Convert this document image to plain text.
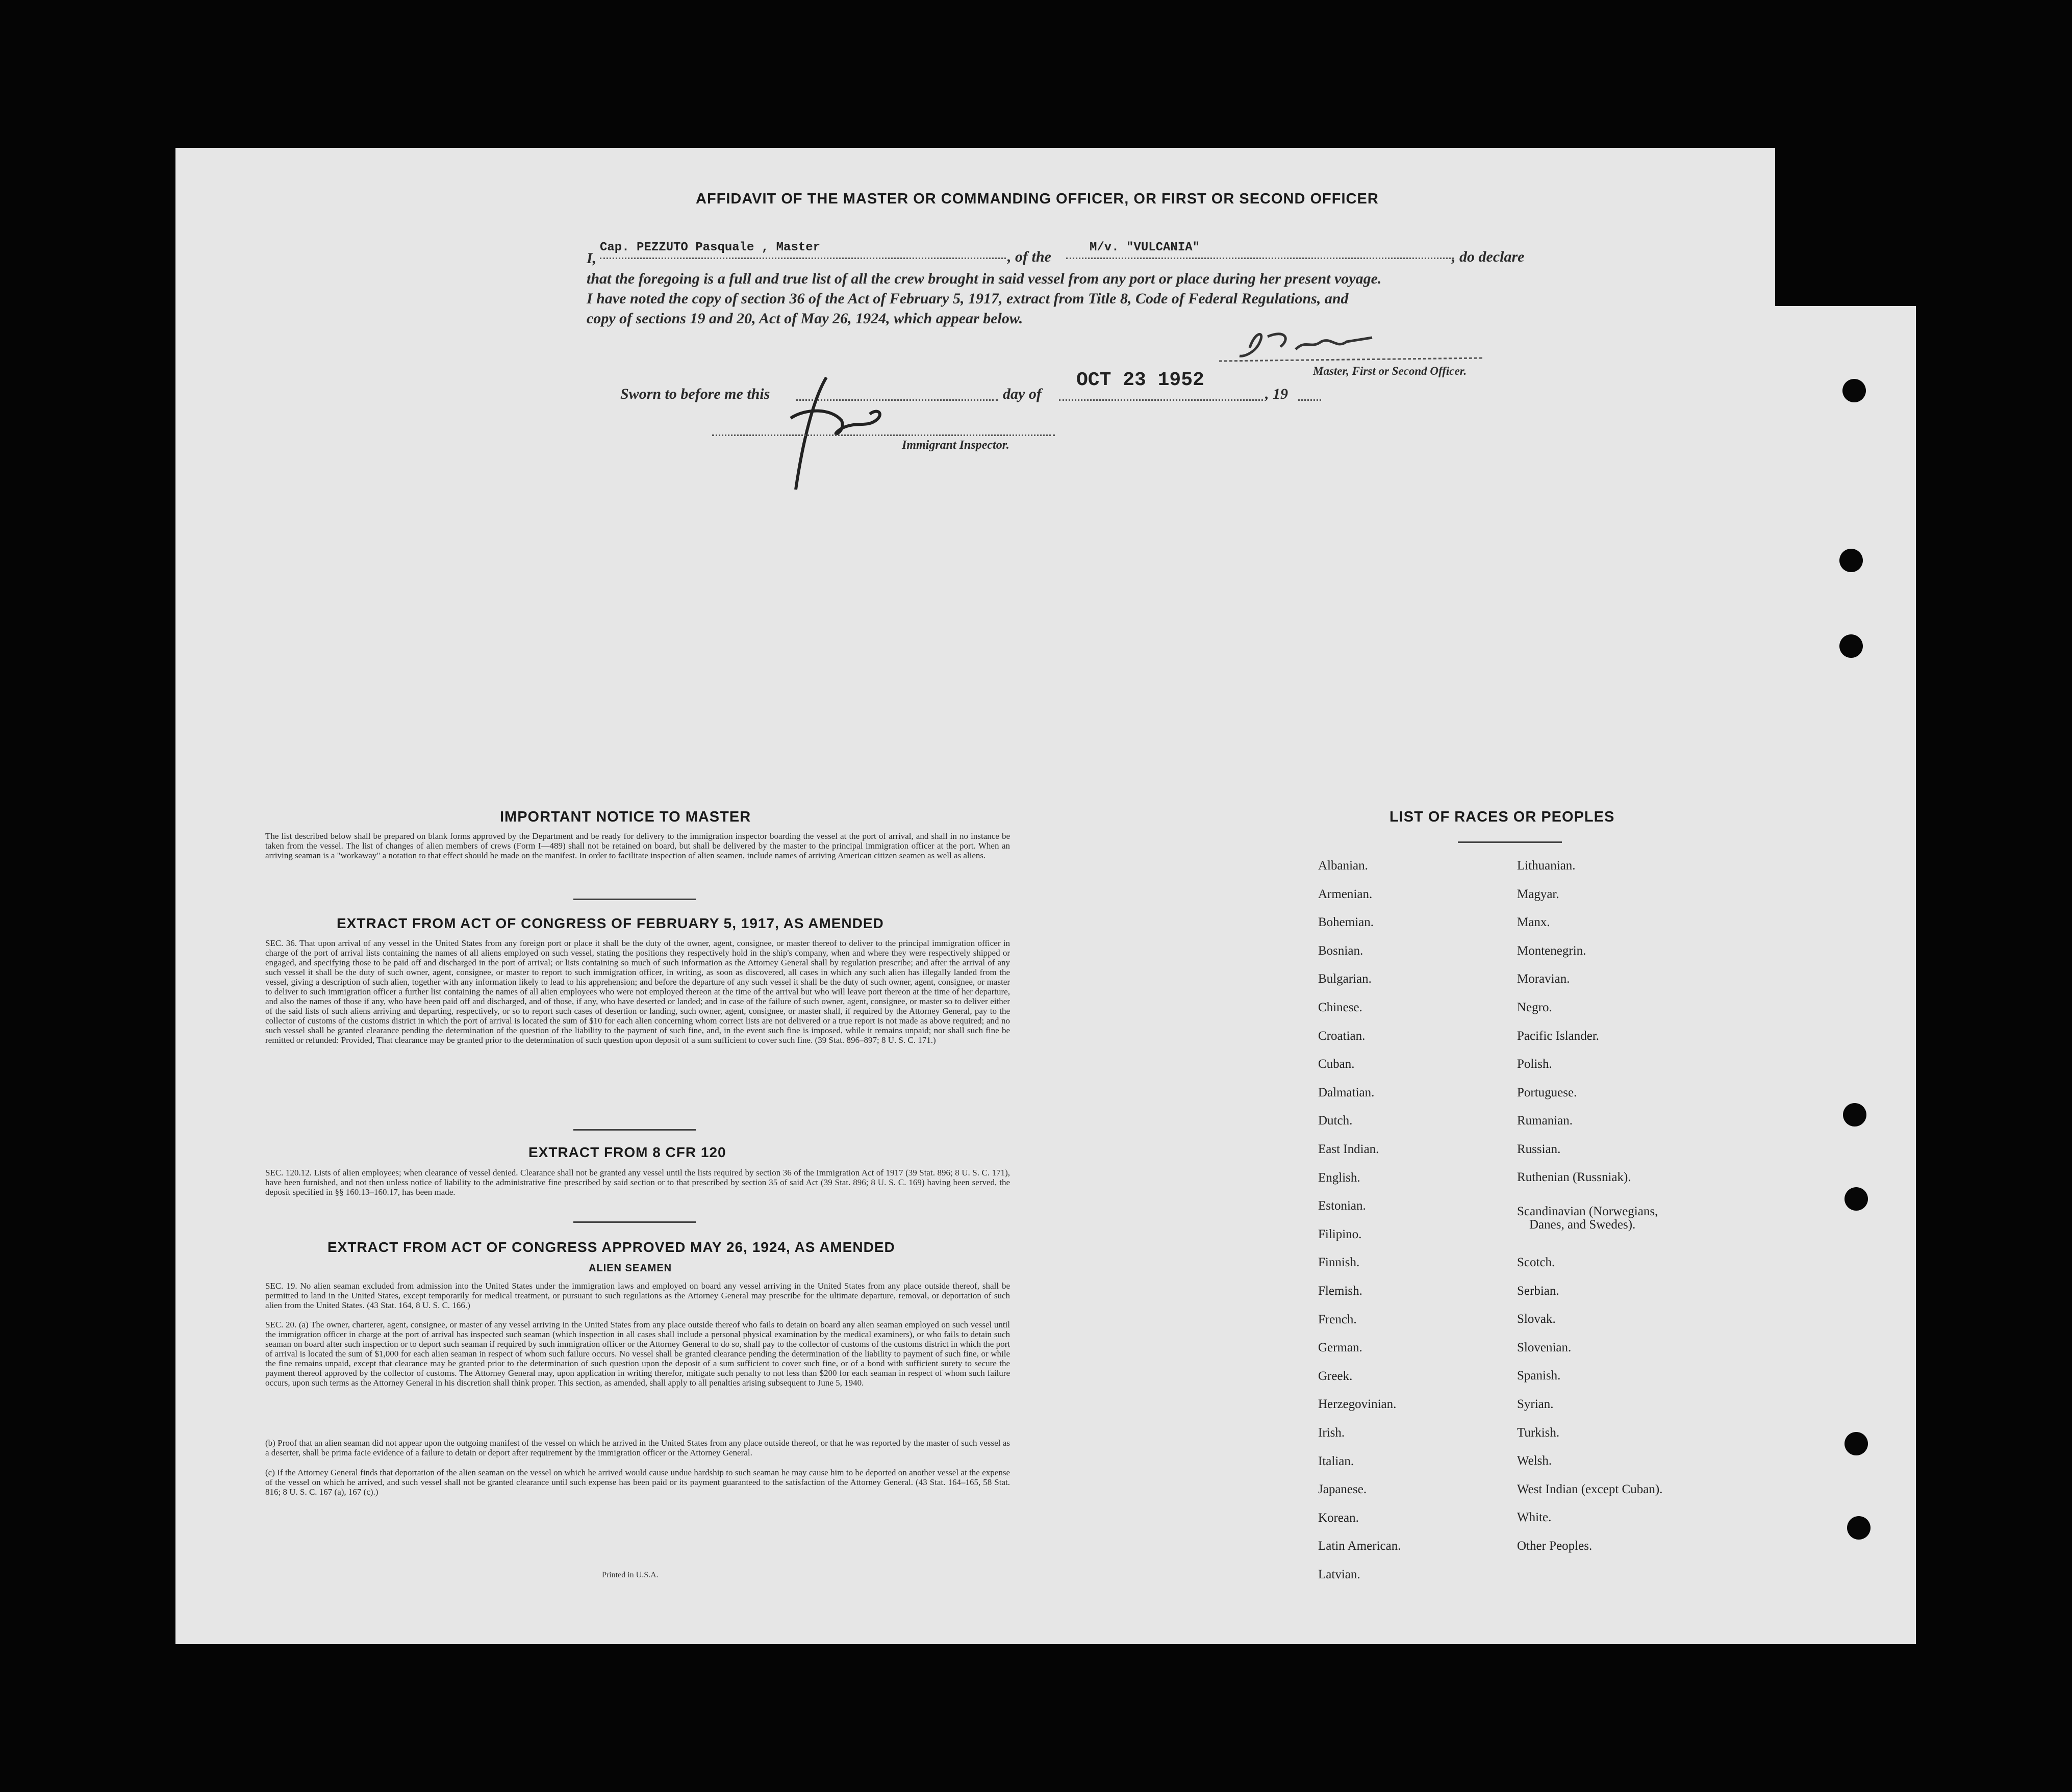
AFFIDAVIT OF THE MASTER OR COMMANDING OFFICER, OR FIRST OR SECOND OFFICER
I,
Cap. PEZZUTO Pasquale , Master
, of the
M/v. "VULCANIA"
, do declare
that the foregoing is a full and true list of all the crew brought in said vessel from any port or place during her present voyage.
I have noted the copy of section 36 of the Act of February 5, 1917, extract from Title 8, Code of Federal Regulations, and
copy of sections 19 and 20, Act of May 26, 1924, which appear below.
Master, First or Second Officer.
Sworn to before me this	day of
OCT 23 1952
, 19
Immigrant Inspector.
IMPORTANT NOTICE TO MASTER
The list described below shall be prepared on blank forms approved by the Department and be ready for delivery to the immigration inspector boarding the vessel at the port of arrival, and shall in no instance be taken from the vessel. The list of changes of alien members of crews (Form I—489) shall not be retained on board, but shall be delivered by the master to the principal immigration officer at the port. When an arriving seaman is a "workaway" a notation to that effect should be made on the manifest. In order to facilitate inspection of alien seamen, include names of arriving American citizen seamen as well as aliens.
EXTRACT FROM ACT OF CONGRESS OF FEBRUARY 5, 1917, AS AMENDED
SEC. 36. That upon arrival of any vessel in the United States from any foreign port or place it shall be the duty of the owner, agent, consignee, or master thereof to deliver to the principal immigration officer in charge of the port of arrival lists containing the names of all aliens employed on such vessel, stating the positions they respectively hold in the ship's company, when and where they were respectively shipped or engaged, and specifying those to be paid off and discharged in the port of arrival; or lists containing so much of such information as the Attorney General shall by regulation prescribe; and after the arrival of any such vessel it shall be the duty of such owner, agent, consignee, or master to report to such immigration officer, in writing, as soon as discovered, all cases in which any such alien has illegally landed from the vessel, giving a description of such alien, together with any information likely to lead to his apprehension; and before the departure of any such vessel it shall be the duty of such owner, agent, consignee, or master to deliver to such immigration officer a further list containing the names of all alien employees who were not employed thereon at the time of the arrival but who will leave port thereon at the time of her departure, and also the names of those if any, who have been paid off and discharged, and of those, if any, who have deserted or landed; and in case of the failure of such owner, agent, consignee, or master so to deliver either of the said lists of such aliens arriving and departing, respectively, or so to report such cases of desertion or landing, such owner, agent, consignee, or master shall, if required by the Attorney General, pay to the collector of customs of the customs district in which the port of arrival is located the sum of $10 for each alien concerning whom correct lists are not delivered or a true report is not made as above required; and no such vessel shall be granted clearance pending the determination of the question of the liability to the payment of such fine, and, in the event such fine is imposed, while it remains unpaid; nor shall such fine be remitted or refunded: Provided, That clearance may be granted prior to the determination of such question upon deposit of a sum sufficient to cover such fine. (39 Stat. 896–897; 8 U. S. C. 171.)
EXTRACT FROM 8 CFR 120
SEC. 120.12. Lists of alien employees; when clearance of vessel denied. Clearance shall not be granted any vessel until the lists required by section 36 of the Immigration Act of 1917 (39 Stat. 896; 8 U. S. C. 171), have been furnished, and not then unless notice of liability to the administrative fine prescribed by said section or to that prescribed by section 35 of said Act (39 Stat. 896; 8 U. S. C. 169) having been served, the deposit specified in §§ 160.13–160.17, has been made.
EXTRACT FROM ACT OF CONGRESS APPROVED MAY 26, 1924, AS AMENDED
ALIEN SEAMEN
SEC. 19. No alien seaman excluded from admission into the United States under the immigration laws and employed on board any vessel arriving in the United States from any place outside thereof, shall be permitted to land in the United States, except temporarily for medical treatment, or pursuant to such regulations as the Attorney General may prescribe for the ultimate departure, removal, or deportation of such alien from the United States. (43 Stat. 164, 8 U. S. C. 166.)
SEC. 20. (a) The owner, charterer, agent, consignee, or master of any vessel arriving in the United States from any place outside thereof who fails to detain on board any alien seaman employed on such vessel until the immigration officer in charge at the port of arrival has inspected such seaman (which inspection in all cases shall include a personal physical examination by the medical examiners), or who fails to detain such seaman on board after such inspection or to deport such seaman if required by such immigration officer or the Attorney General to do so, shall pay to the collector of customs of the customs district in which the port of arrival is located the sum of $1,000 for each alien seaman in respect of whom such failure occurs. No vessel shall be granted clearance pending the determination of the liability to payment of such fine, or while the fine remains unpaid, except that clearance may be granted prior to the determination of such question upon the deposit of a sum sufficient to cover such fine, or of a bond with sufficient surety to secure the payment thereof approved by the collector of customs. The Attorney General may, upon application in writing therefor, mitigate such penalty to not less than $200 for each seaman in respect of whom such failure occurs, upon such terms as the Attorney General in his discretion shall think proper. This section, as amended, shall apply to all penalties arising subsequent to June 5, 1940.
(b) Proof that an alien seaman did not appear upon the outgoing manifest of the vessel on which he arrived in the United States from any place outside thereof, or that he was reported by the master of such vessel as a deserter, shall be prima facie evidence of a failure to detain or deport after requirement by the immigration officer or the Attorney General.
(c) If the Attorney General finds that deportation of the alien seaman on the vessel on which he arrived would cause undue hardship to such seaman he may cause him to be deported on another vessel at the expense of the vessel on which he arrived, and such vessel shall not be granted clearance until such expense has been paid or its payment guaranteed to the satisfaction of the Attorney General. (43 Stat. 164–165, 58 Stat. 816; 8 U. S. C. 167 (a), 167 (c).)
Printed in U.S.A.
LIST OF RACES OR PEOPLES
Albanian.
Armenian.
Bohemian.
Bosnian.
Bulgarian.
Chinese.
Croatian.
Cuban.
Dalmatian.
Dutch.
East Indian.
English.
Estonian.
Filipino.
Finnish.
Flemish.
French.
German.
Greek.
Herzegovinian.
Irish.
Italian.
Japanese.
Korean.
Latin American.
Latvian.
Lithuanian.
Magyar.
Manx.
Montenegrin.
Moravian.
Negro.
Pacific Islander.
Polish.
Portuguese.
Rumanian.
Russian.
Ruthenian (Russniak).
Scandinavian (Norwegians,
Danes, and Swedes).
Scotch.
Serbian.
Slovak.
Slovenian.
Spanish.
Syrian.
Turkish.
Welsh.
West Indian (except Cuban).
White.
Other Peoples.
